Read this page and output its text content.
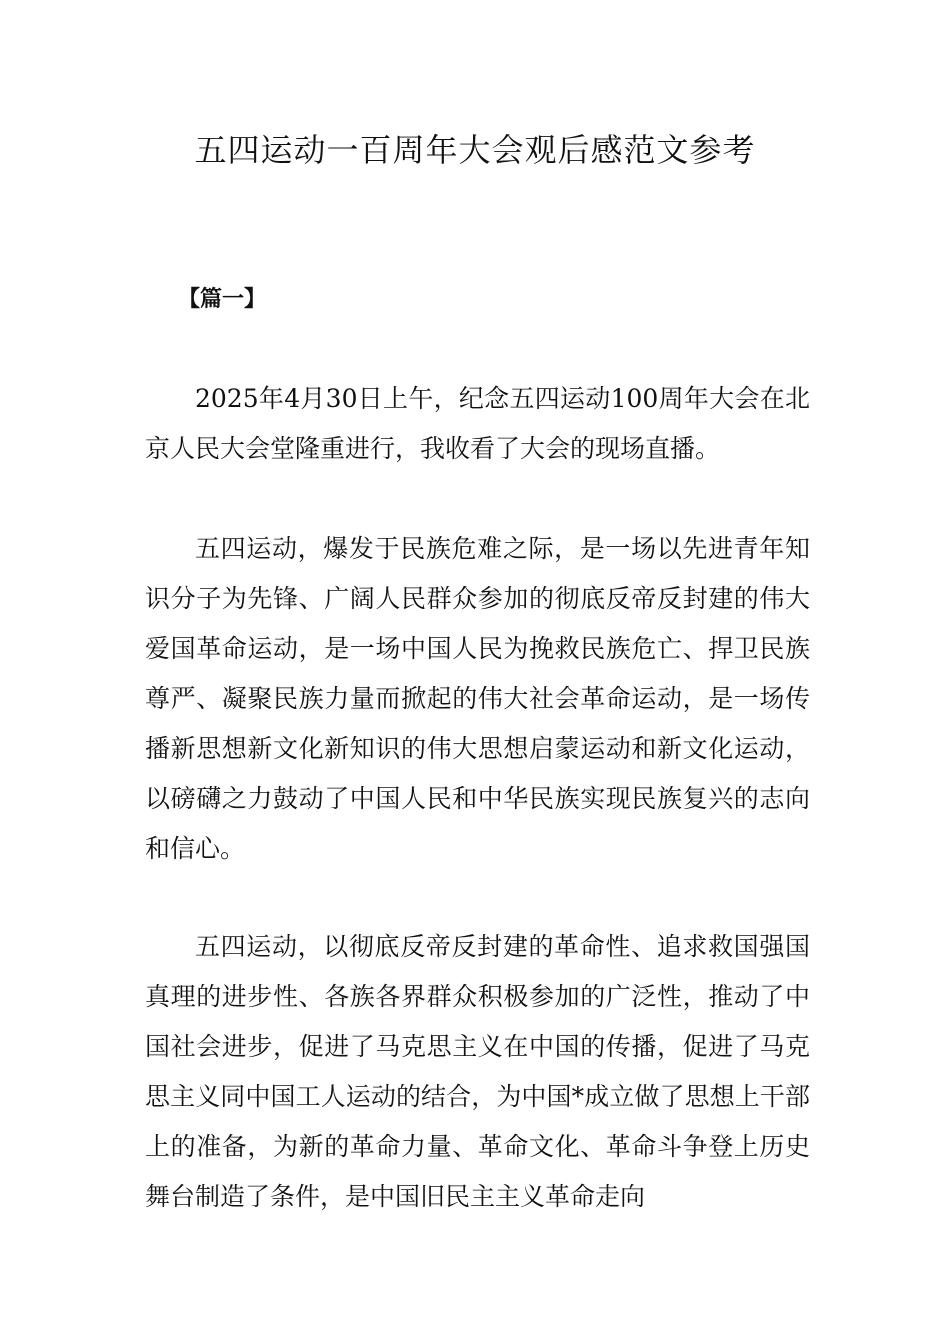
五四运动一百周年大会观后感范文参考

【篇一】

2025年4月30日上午，纪念五四运动100周年大会在北京人民大会堂隆重进行，我收看了大会的现场直播。

五四运动，爆发于民族危难之际，是一场以先进青年知识分子为先锋、广阔人民群众参加的彻底反帝反封建的伟大爱国革命运动，是一场中国人民为挽救民族危亡、捍卫民族尊严、凝聚民族力量而掀起的伟大社会革命运动，是一场传播新思想新文化新知识的伟大思想启蒙运动和新文化运动，以磅礴之力鼓动了中国人民和中华民族实现民族复兴的志向和信心。

五四运动，以彻底反帝反封建的革命性、追求救国强国真理的进步性、各族各界群众积极参加的广泛性，推动了中国社会进步，促进了马克思主义在中国的传播，促进了马克思主义同中国工人运动的结合，为中国*成立做了思想上干部上的准备，为新的革命力量、革命文化、革命斗争登上历史舞台制造了条件，是中国旧民主主义革命走向
